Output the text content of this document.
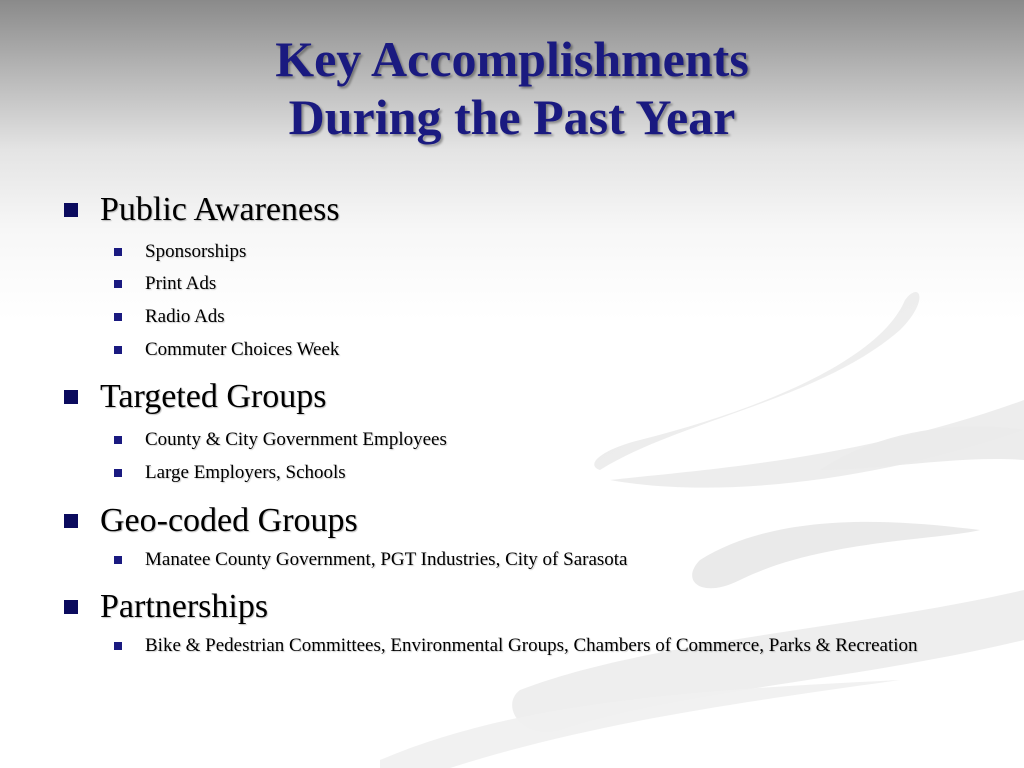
Key Accomplishments
During the Past Year
Public Awareness
Sponsorships
Print Ads
Radio Ads
Commuter Choices Week
Targeted Groups
County & City Government Employees
Large Employers, Schools
Geo-coded Groups
Manatee County Government, PGT Industries, City of Sarasota
Partnerships
Bike & Pedestrian Committees, Environmental Groups, Chambers of Commerce, Parks & Recreation
